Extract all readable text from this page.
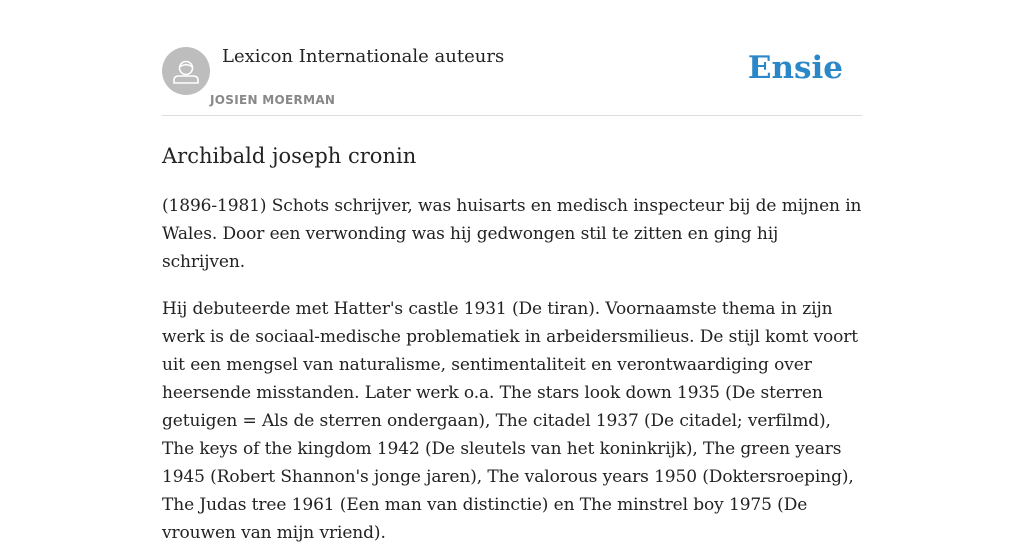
Lexicon Internationale auteurs
JOSIEN MOERMAN
Ensie
Archibald joseph cronin

(1896-1981) Schots schrijver, was huisarts en medisch inspecteur bij de mijnen in Wales. Door een verwonding was hij gedwongen stil te zitten en ging hij schrijven.

Hij debuteerde met Hatter's castle 1931 (De tiran). Voornaamste thema in zijn werk is de sociaal-medische problematiek in arbeidersmilieus. De stijl komt voort uit een mengsel van naturalisme, sentimentaliteit en verontwaardiging over heersende misstanden. Later werk o.a. The stars look down 1935 (De sterren getuigen = Als de sterren ondergaan), The citadel 1937 (De citadel; verfilmd), The keys of the kingdom 1942 (De sleutels van het koninkrijk), The green years 1945 (Robert Shannon's jonge jaren), The valorous years 1950 (Doktersroeping), The Judas tree 1961 (Een man van distinctie) en The minstrel boy 1975 (De vrouwen van mijn vriend).
